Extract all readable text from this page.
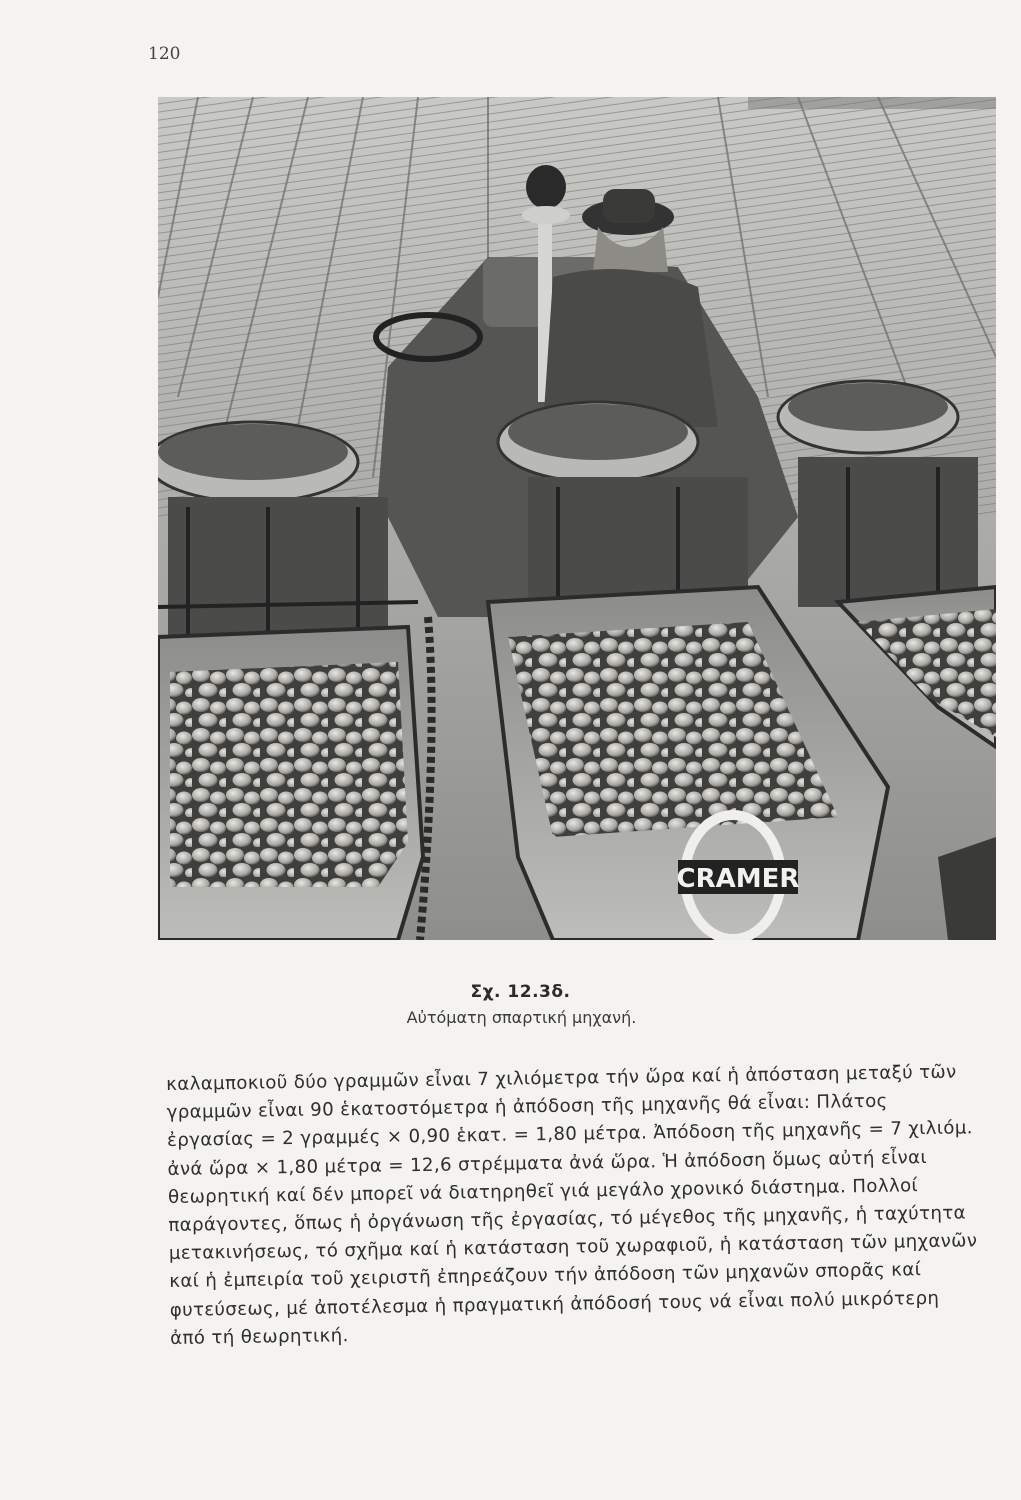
120
CRAMER
Σχ. 12.3δ.
Αὐτόματη σπαρτική μηχανή.

καλαμποκιοῦ δύο γραμμῶν εἶναι 7 χιλιόμετρα τήν ὥρα καί ἡ ἀπόσταση μεταξύ τῶν

γραμμῶν εἶναι 90 ἑκατοστόμετρα ἡ ἀπόδοση τῆς μηχανῆς θά εἶναι: Πλάτος

ἐργασίας = 2 γραμμές × 0,90 ἑκατ. = 1,80 μέτρα. Ἀπόδοση τῆς μηχανῆς = 7 χιλιόμ.

ἀνά ὥρα × 1,80 μέτρα = 12,6 στρέμματα ἀνά ὥρα. Ἡ ἀπόδοση ὅμως αὐτή εἶναι

θεωρητική καί δέν μπορεῖ νά διατηρηθεῖ γιά μεγάλο χρονικό διάστημα. Πολλοί

παράγοντες, ὅπως ἡ ὀργάνωση τῆς ἐργασίας, τό μέγεθος τῆς μηχανῆς, ἡ ταχύτητα

μετακινήσεως, τό σχῆμα καί ἡ κατάσταση τοῦ χωραφιοῦ, ἡ κατάσταση τῶν μηχανῶν

καί ἡ ἐμπειρία τοῦ χειριστῆ ἐπηρεάζουν τήν ἀπόδοση τῶν μηχανῶν σπορᾶς καί

φυτεύσεως, μέ ἀποτέλεσμα ἡ πραγματική ἀπόδοσή τους νά εἶναι πολύ μικρότερη

ἀπό τή θεωρητική.
